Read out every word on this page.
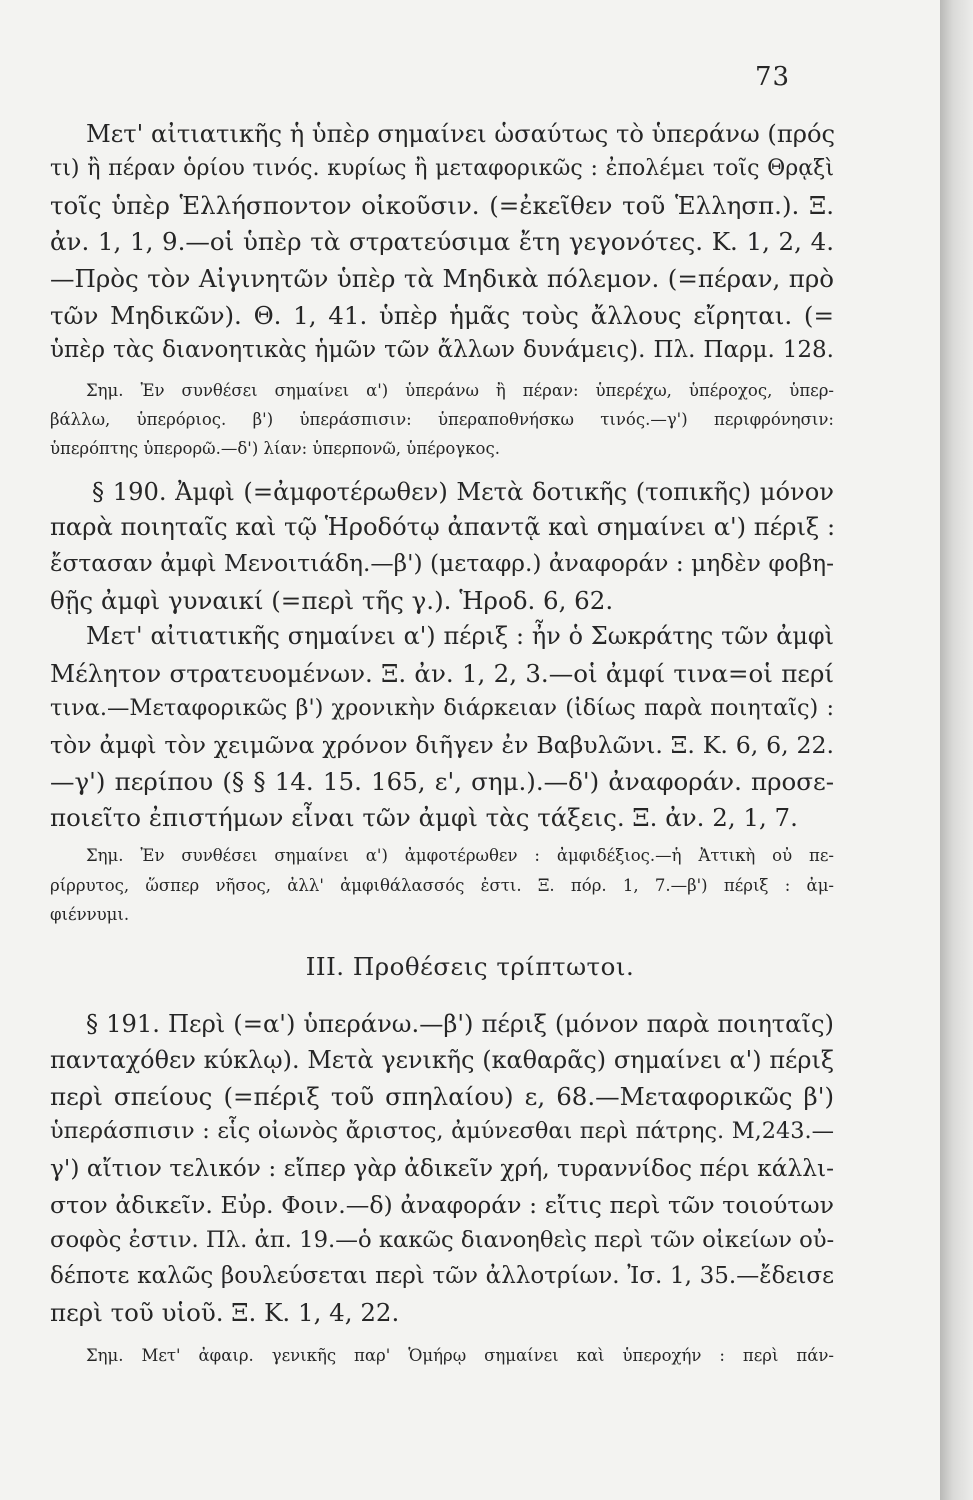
73
Μετ' αἰτιατικῆς ἡ ὑπὲρ σημαίνει ὡσαύτως τὸ ὑπεράνω (πρός
τι) ἢ πέραν ὁρίου τινός. κυρίως ἢ μεταφορικῶς : ἐπολέμει τοῖς Θρᾳξὶ
τοῖς ὑπὲρ Ἑλλήσποντον οἰκοῦσιν. (=ἐκεῖθεν τοῦ Ἑλλησπ.). Ξ.
ἀν. 1, 1, 9.—οἱ ὑπὲρ τὰ στρατεύσιμα ἔτη γεγονότες. Κ. 1, 2, 4.
—Πρὸς τὸν Αἰγινητῶν ὑπὲρ τὰ Μηδικὰ πόλεμον. (=πέραν, πρὸ
τῶν Μηδικῶν). Θ. 1, 41. ὑπὲρ ἡμᾶς τοὺς ἄλλους εἴρηται. (=
ὑπὲρ τὰς διανοητικὰς ἡμῶν τῶν ἄλλων δυνάμεις). Πλ. Παρμ. 128.
Σημ. Ἐν συνθέσει σημαίνει α') ὑπεράνω ἢ πέραν: ὑπερέχω, ὑπέροχος, ὑπερ-
βάλλω, ὑπερόριος. β') ὑπεράσπισιν: ὑπεραποθνήσκω τινός.—γ') περιφρόνησιν:
ὑπερόπτης ὑπερορῶ.—δ') λίαν: ὑπερπονῶ, ὑπέρογκος.
§ 190. Ἀμφὶ (=ἀμφοτέρωθεν) Μετὰ δοτικῆς (τοπικῆς) μόνον
παρὰ ποιηταῖς καὶ τῷ Ἡροδότῳ ἀπαντᾷ καὶ σημαίνει α') πέριξ :
ἔστασαν ἀμφὶ Μενοιτιάδη.—β') (μεταφρ.) ἀναφοράν : μηδὲν φοβη-
θῇς ἀμφὶ γυναικί (=περὶ τῆς γ.). Ἡροδ. 6, 62.
Μετ' αἰτιατικῆς σημαίνει α') πέριξ : ἦν ὁ Σωκράτης τῶν ἀμφὶ
Μέλητον στρατευομένων. Ξ. ἀν. 1, 2, 3.—οἱ ἀμφί τινα=οἱ περί
τινα.—Μεταφορικῶς β') χρονικὴν διάρκειαν (ἰδίως παρὰ ποιηταῖς) :
τὸν ἀμφὶ τὸν χειμῶνα χρόνον διῆγεν ἐν Βαβυλῶνι. Ξ. Κ. 6, 6, 22.
—γ') περίπου (§ § 14. 15. 165, ε', σημ.).—δ') ἀναφοράν. προσε-
ποιεῖτο ἐπιστήμων εἶναι τῶν ἀμφὶ τὰς τάξεις. Ξ. ἀν. 2, 1, 7.
Σημ. Ἐν συνθέσει σημαίνει α') ἀμφοτέρωθεν : ἀμφιδέξιος.—ἡ Ἀττικὴ οὐ πε-
ρίρρυτος, ὥσπερ νῆσος, ἀλλ' ἀμφιθάλασσός ἐστι. Ξ. πόρ. 1, 7.—β') πέριξ : ἀμ-
φιέννυμι.
III. Προθέσεις τρίπτωτοι.
§ 191. Περὶ (=α') ὑπεράνω.—β') πέριξ (μόνον παρὰ ποιηταῖς)
πανταχόθεν κύκλῳ). Μετὰ γενικῆς (καθαρᾶς) σημαίνει α') πέριξ
περὶ σπείους (=πέριξ τοῦ σπηλαίου) ε, 68.—Μεταφορικῶς β')
ὑπεράσπισιν : εἷς οἰωνὸς ἄριστος, ἀμύνεσθαι περὶ πάτρης. Μ,243.—
γ') αἴτιον τελικόν : εἴπερ γὰρ ἀδικεῖν χρή, τυραννίδος πέρι κάλλι-
στον ἀδικεῖν. Εὐρ. Φοιν.—δ) ἀναφοράν : εἴτις περὶ τῶν τοιούτων
σοφὸς ἐστιν. Πλ. ἀπ. 19.—ὁ κακῶς διανοηθεὶς περὶ τῶν οἰκείων οὐ-
δέποτε καλῶς βουλεύσεται περὶ τῶν ἀλλοτρίων. Ἰσ. 1, 35.—ἔδεισε
περὶ τοῦ υἱοῦ. Ξ. Κ. 1, 4, 22.
Σημ. Μετ' ἀφαιρ. γενικῆς παρ' Ὁμήρῳ σημαίνει καὶ ὑπεροχήν : περὶ πάν-
